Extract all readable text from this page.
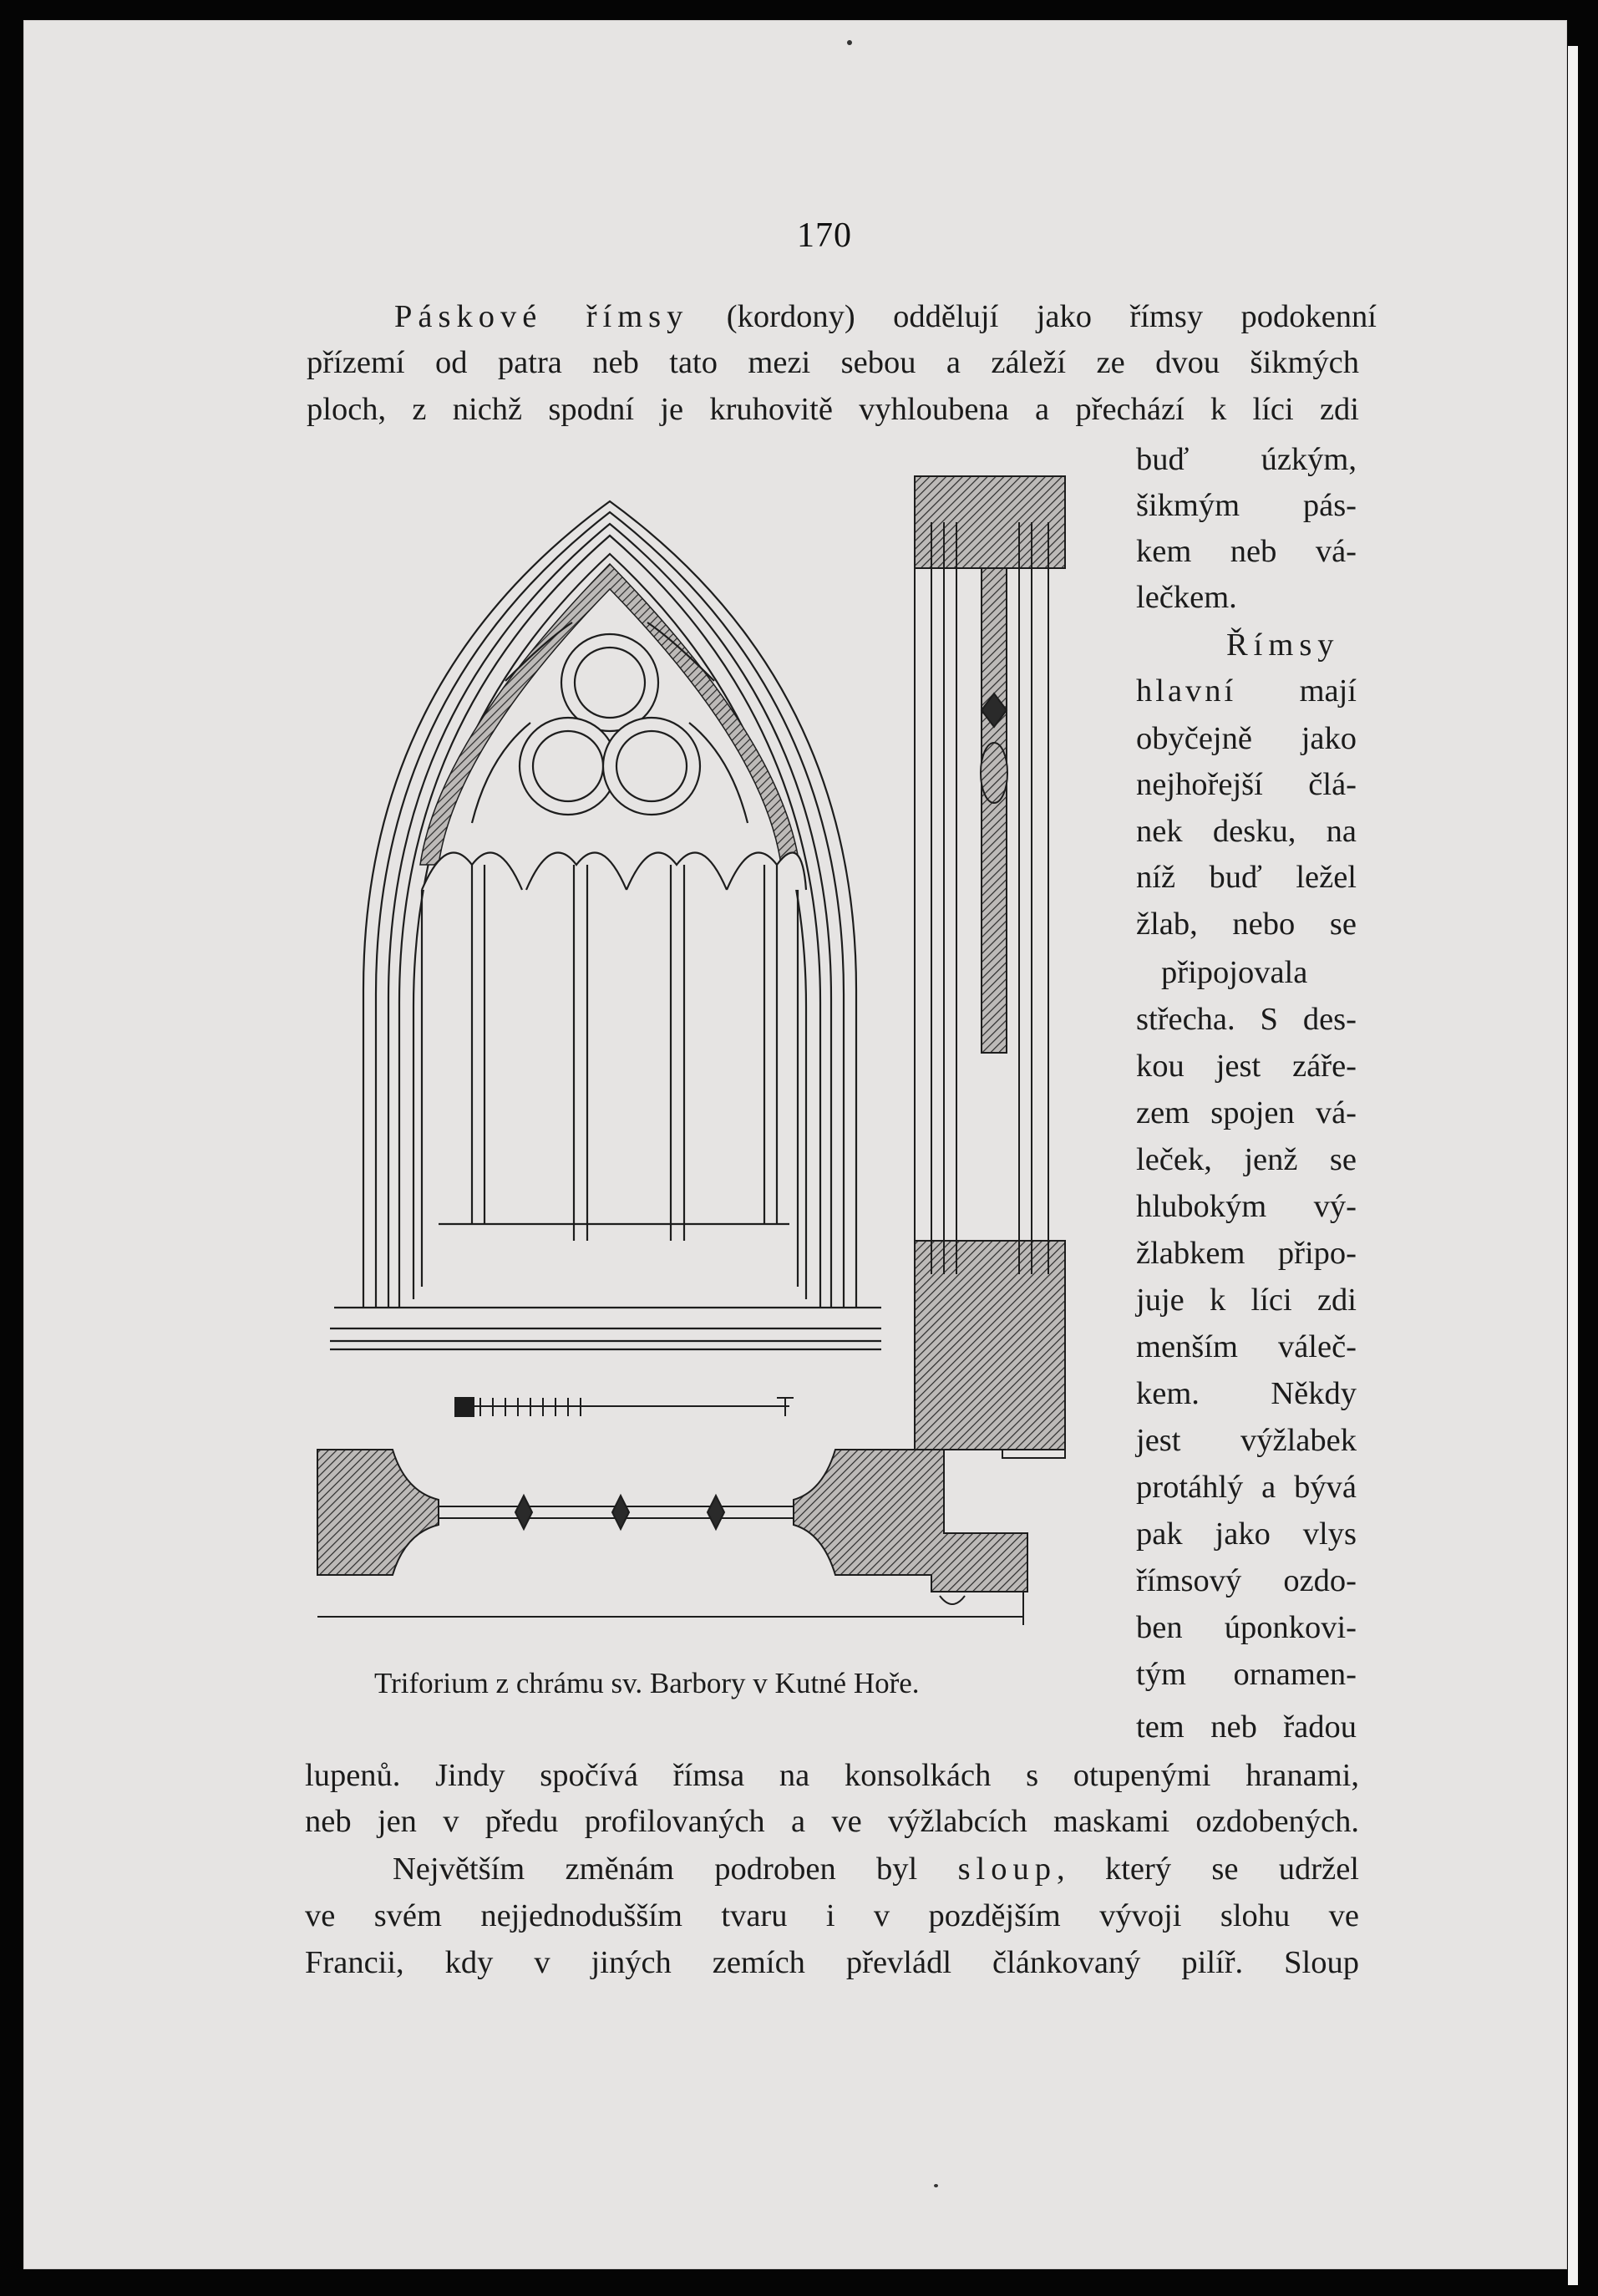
170
Páskové římsy (kordony) oddělují jako římsy podokenní
přízemí od patra neb tato mezi sebou a záleží ze dvou šikmých
ploch, z nichž spodní je kruhovitě vyhloubena a přechází k líci zdi
buď úzkým,
šikmým pás-
kem neb vá-
lečkem.
Římsy
hlavní mají
obyčejně jako
nejhořejší člá-
nek desku, na
níž buď ležel
žlab, nebo se
připojovala
střecha. S des-
kou jest záře-
zem spojen vá-
leček, jenž se
hlubokým vý-
žlabkem připo-
juje k líci zdi
menším váleč-
kem. Někdy
jest výžlabek
protáhlý a bývá
pak jako vlys
římsový ozdo-
ben úponkovi-
tým ornamen-
tem neb řadou
Triforium z chrámu sv. Barbory v Kutné Hoře.
lupenů. Jindy spočívá římsa na konsolkách s otupenými hranami,
neb jen v předu profilovaných a ve výžlabcích maskami ozdobených.
Největším změnám podroben byl sloup, který se udržel
ve svém nejjednodušším tvaru i v pozdějším vývoji slohu ve
Francii, kdy v jiných zemích převládl článkovaný pilíř. Sloup
